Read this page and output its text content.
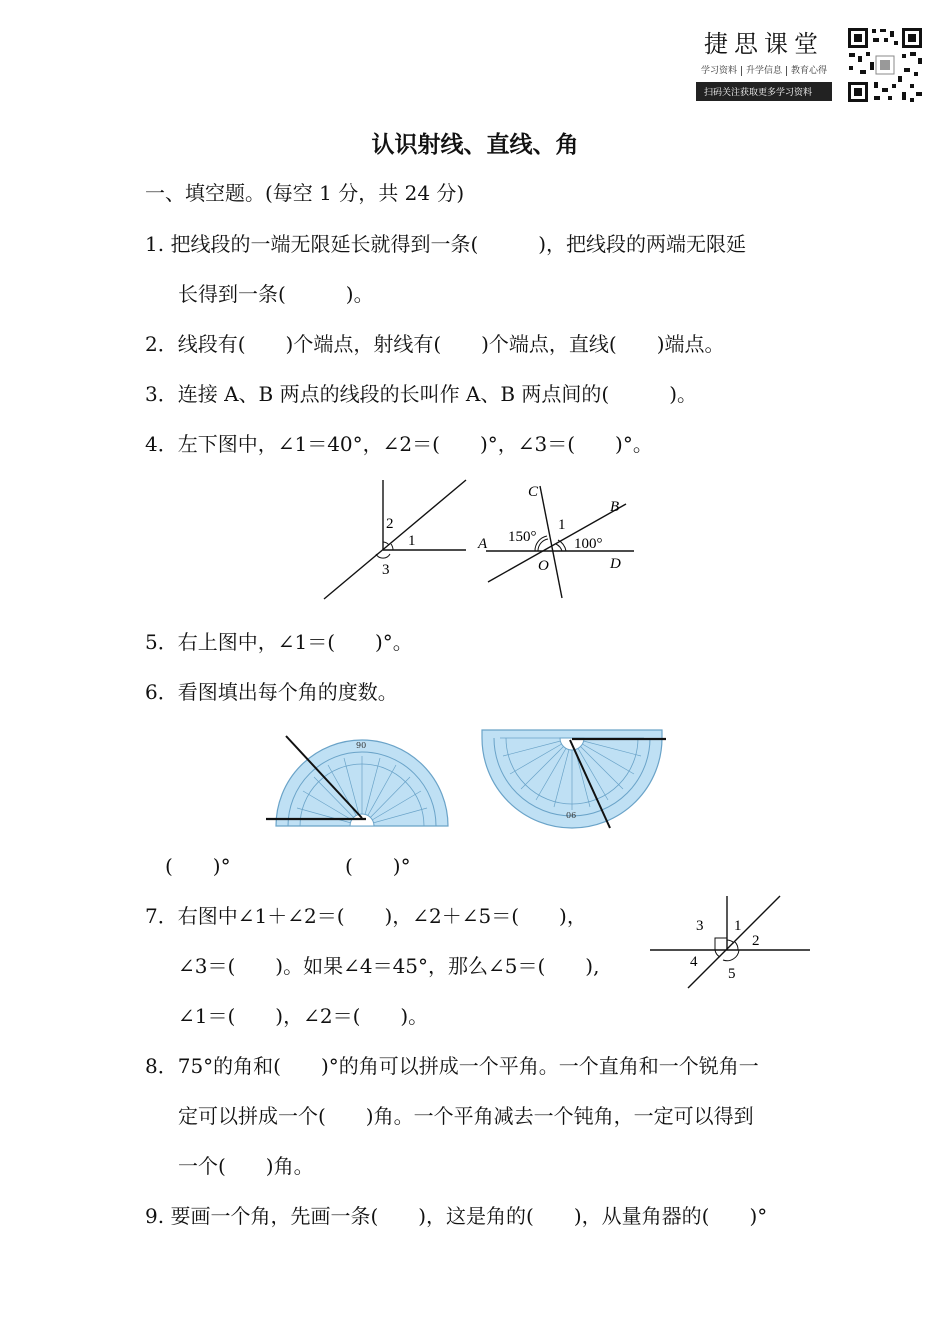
捷思课堂
学习资料 升学信息 教育心得
扫码关注获取更多学习资料
认识射线、直线、角
一、填空题。(每空 1 分，共 24 分)
1. 把线段的一端无限延长就得到一条(　　　)，把线段的两端无限延
长得到一条(　　　)。
2．线段有(　　)个端点，射线有(　　)个端点，直线(　　)端点。
3．连接 A、B 两点的线段的长叫作 A、B 两点间的(　　　)。
4．左下图中，∠1＝40°，∠2＝(　　)°，∠3＝(　　)°。
2
1
3
C
B
A
D
O
150°
1
100°
5．右上图中，∠1＝(　　)°。
6．看图填出每个角的度数。
90
06
(　　)°	(　　)°
7．右图中∠1＋∠2＝(　　)，∠2＋∠5＝(　　)，
∠3＝(　　)。如果∠4＝45°，那么∠5＝(　　),
∠1＝(　　)，∠2＝(　　)。
1
2
3
4
5
8．75°的角和(　　)°的角可以拼成一个平角。一个直角和一个锐角一
定可以拼成一个(　　)角。一个平角减去一个钝角，一定可以得到
一个(　　)角。
9. 要画一个角，先画一条(　　)，这是角的(　　)，从量角器的(　　)°
